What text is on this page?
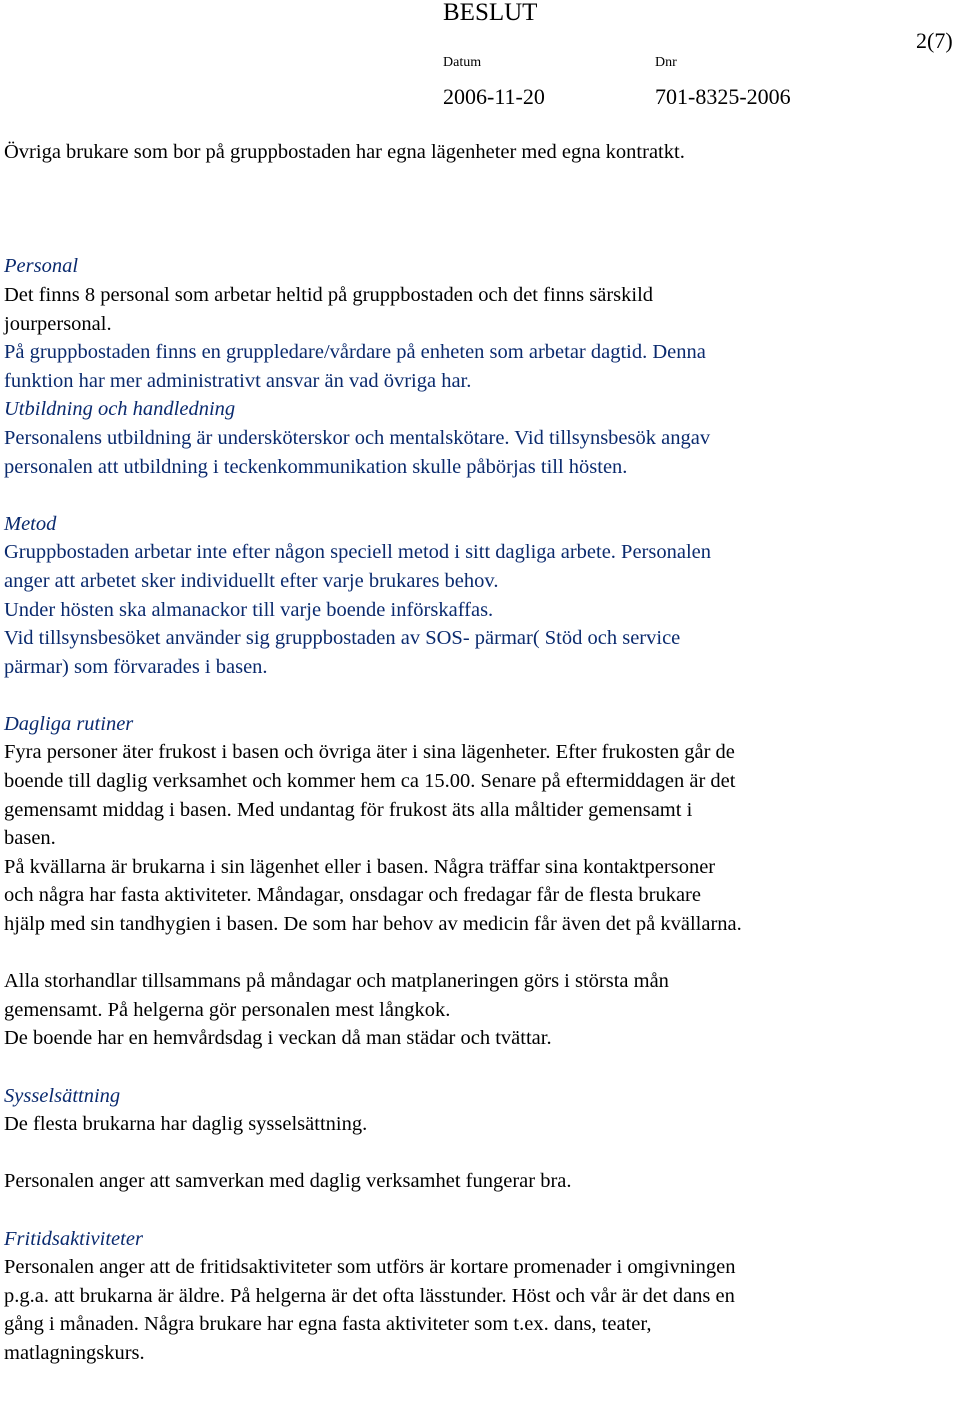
BESLUT
2(7)
Datum	Dnr
2006-11-20	701-8325-2006

Övriga brukare som bor på gruppbostaden har egna lägenheter med egna kontratkt.

Personal

Det finns 8 personal som arbetar heltid på gruppbostaden och det finns särskild

jourpersonal.

På gruppbostaden finns en gruppledare/vårdare på enheten som arbetar dagtid. Denna

funktion har mer administrativt ansvar än vad övriga har.

Utbildning och handledning

Personalens utbildning är undersköterskor och mentalskötare. Vid tillsynsbesök angav

personalen att utbildning i teckenkommunikation skulle påbörjas till hösten.

Metod

Gruppbostaden arbetar inte efter någon speciell metod i sitt dagliga arbete. Personalen

anger att arbetet sker individuellt efter varje brukares behov.

Under hösten ska almanackor till varje boende införskaffas.

Vid tillsynsbesöket använder sig gruppbostaden av SOS- pärmar( Stöd och service

pärmar) som förvarades i basen.

Dagliga rutiner

Fyra personer äter frukost i basen och övriga äter i sina lägenheter. Efter frukosten går de

boende till daglig verksamhet och kommer hem ca 15.00. Senare på eftermiddagen är det

gemensamt middag i basen. Med undantag för frukost äts alla måltider gemensamt i

basen.

På kvällarna är brukarna i sin lägenhet eller i basen. Några träffar sina kontaktpersoner

och några har fasta aktiviteter. Måndagar, onsdagar och fredagar får de flesta brukare

hjälp med sin tandhygien i basen. De som har behov av medicin får även det på kvällarna.

Alla storhandlar tillsammans på måndagar och matplaneringen görs i största mån

gemensamt. På helgerna gör personalen mest långkok.

De boende har en hemvårdsdag i veckan då man städar och tvättar.

Sysselsättning

De flesta brukarna har daglig sysselsättning.

Personalen anger att samverkan med daglig verksamhet fungerar bra.

Fritidsaktiviteter

Personalen anger att de fritidsaktiviteter som utförs är kortare promenader i omgivningen

p.g.a. att brukarna är äldre. På helgerna är det ofta lässtunder. Höst och vår är det dans en

gång i månaden. Några brukare har egna fasta aktiviteter som t.ex. dans, teater,

matlagningskurs.
